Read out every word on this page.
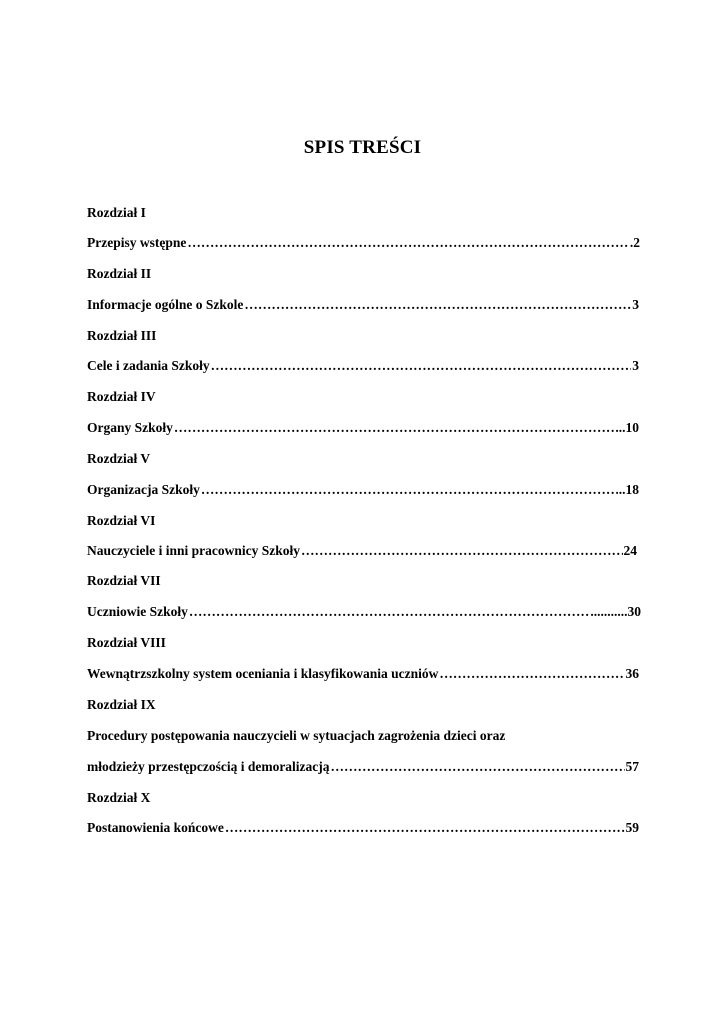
SPIS TREŚCI
Rozdział I
Przepisy wstępne ……………………………………………………………………………………………………………………………………………………	.2
Rozdział II
Informacje ogólne o Szkole ……………………………………………………………………………………………………………………………………………………	3
Rozdział III
Cele i zadania Szkoły ……………………………………………………………………………………………………………………………………………………	3
Rozdział IV
Organy Szkoły ……………………………………………………………………………………………………………………………………………………	...10
Rozdział V
Organizacja Szkoły ……………………………………………………………………………………………………………………………………………………	..18
Rozdział VI
Nauczyciele i inni pracownicy Szkoły ……………………………………………………………………………………………………………………………………………………	24
Rozdział VII
Uczniowie Szkoły ……………………………………………………………………………………………………………………………………………………	...........30
Rozdział VIII
Wewnątrzszkolny system oceniania i klasyfikowania uczniów ……………………………………………………………………………………………………………………………………………………	36
Rozdział IX
Procedury postępowania nauczycieli w sytuacjach zagrożenia dzieci oraz
młodzieży przestępczością i demoralizacją ……………………………………………………………………………………………………………………………………………………	57
Rozdział X
Postanowienia końcowe ……………………………………………………………………………………………………………………………………………………	59
